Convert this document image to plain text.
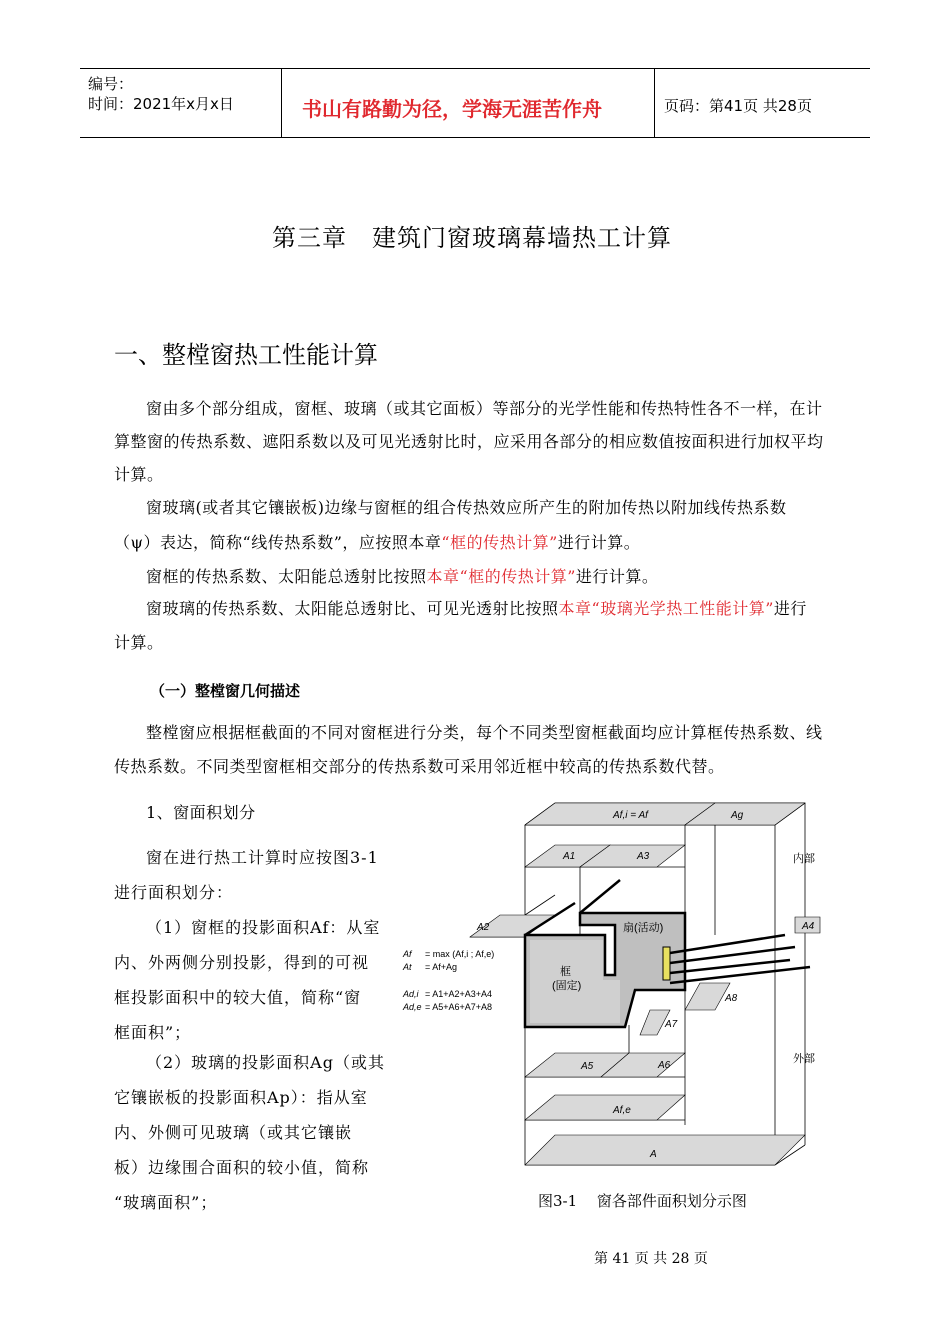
编号：
时间：2021年x月x日	书山有路勤为径，学海无涯苦作舟	页码：第41页 共28页
第三章　建筑门窗玻璃幕墙热工计算
一、整樘窗热工性能计算
窗由多个部分组成，窗框、玻璃（或其它面板）等部分的光学性能和传热特性各不一样，在计
算整窗的传热系数、遮阳系数以及可见光透射比时，应采用各部分的相应数值按面积进行加权平均
计算。
窗玻璃(或者其它镶嵌板)边缘与窗框的组合传热效应所产生的附加传热以附加线传热系数
（ψ）表达，简称“线传热系数”，应按照本章“框的传热计算”进行计算。
窗框的传热系数、太阳能总透射比按照本章“框的传热计算”进行计算。
窗玻璃的传热系数、太阳能总透射比、可见光透射比按照本章“玻璃光学热工性能计算”进行
计算。
（一）整樘窗几何描述
整樘窗应根据框截面的不同对窗框进行分类，每个不同类型窗框截面均应计算框传热系数、线
传热系数。不同类型窗框相交部分的传热系数可采用邻近框中较高的传热系数代替。
1、窗面积划分
窗在进行热工计算时应按图3-1
进行面积划分：
（1）窗框的投影面积Af：从室
内、外两侧分别投影，得到的可视
框投影面积中的较大值，简称“窗
框面积”；
（2）玻璃的投影面积Ag（或其
它镶嵌板的投影面积Ap）：指从室
内、外侧可见玻璃（或其它镶嵌
板）边缘围合面积的较小值，简称
“玻璃面积”；
Af,i = Af	Ag
A1	A3
A2	A4
A5	A6
A7
A8
Af,e
A
内部
外部
扇(活动)
框
(固定)
Af = max (Af,i ; Af,e)
At = Af+Ag
Ad,i = A1+A2+A3+A4
Ad,e = A5+A6+A7+A8
图3-1　 窗各部件面积划分示图
第 41 页 共 28 页
